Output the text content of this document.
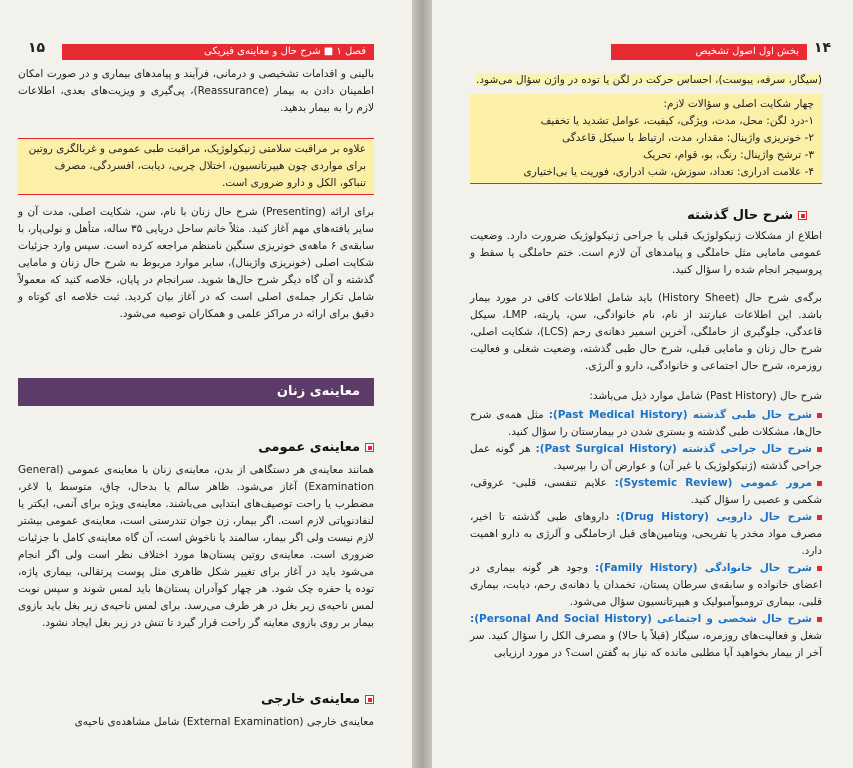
۱۵	فصل ۱ ■ شرح حال و معاینه‌ی فیزیکی
بالینی و اقدامات تشخیصی و درمانی، فرآیند و پیامدهای بیماری و در صورت امکان اطمینان دادن به بیمار (Reassurance)، پی‌گیری و ویزیت‌های بعدی، اطلاعات لازم را به بیمار بدهید.
علاوه بر مراقبت سلامتی ژنیکولوژیک، مراقبت طبی عمومی و غربالگری روتین برای مواردی چون هیپرتانسیون، اختلال چربی، دیابت، افسردگی، مصرف تنباکو، الکل و دارو ضروری است.
برای ارائه (Presenting) شرح حال زنان با نام، سن، شکایت اصلی، مدت آن و سایر یافته‌های مهم آغاز کنید. مثلاً خانم ساحل دریایی ۳۵ ساله، متأهل و نولی‌پار، با سابقه‌ی ۶ ماهه‌ی خونریزی سنگین نامنظم مراجعه کرده است. سپس وارد جزئیات شکایت اصلی (خونریزی واژینال)، سایر موارد مربوط به شرح حال زنان و مامایی گذشته و آن گاه دیگر شرح حال‌ها شوید. سرانجام در پایان، خلاصه کنید که معمولاً شامل تکرار جمله‌ی اصلی است که در آغاز بیان کردید. ثبت خلاصه ای کوتاه و دقیق برای ارائه در مراکز علمی و همکاران توصیه می‌شود.
معاینه‌ی زنان
معاینه‌ی عمومی
همانند معاینه‌ی هر دستگاهی از بدن، معاینه‌ی زنان با معاینه‌ی عمومی (General Examination) آغاز می‌شود. ظاهر سالم یا بدحال، چاق، متوسط یا لاغر، مضطرب یا راحت توصیف‌های ابتدایی می‌باشند. معاینه‌ی ویژه برای آنمی، ایکتر یا لنفادنوپاتی لازم است. اگر بیمار، زن جوان تندرستی است، معاینه‌ی عمومی بیشتر لازم نیست ولی اگر بیمار، سالمند یا ناخوش است، آن گاه معاینه‌ی کامل با جزئیات ضروری است. معاینه‌ی روتین پستان‌ها مورد اختلاف نظر است ولی اگر انجام می‌شود باید در آغاز برای تغییر شکل ظاهری مثل پوست پرتقالی، بیماری پاژه، توده یا حفره چک شود. هر چهار کوآدران پستان‌ها باید لمس شوند و سپس نوبت لمس ناحیه‌ی زیر بغل در هر طرف می‌رسد. برای لمس ناحیه‌ی زیر بغل باید بازوی بیمار بر روی بازوی معاینه گر راحت قرار گیرد تا تنش در زیر بغل ایجاد نشود.
معاینه‌ی خارجی
معاینه‌ی خارجی (External Examination) شامل مشاهده‌ی ناحیه‌ی
بخش اول اصول تشخیص	۱۴
(سیگار، سرفه، یبوست)، احساس حرکت در لگن یا توده در واژن سؤال می‌شود.
چهار شکایت اصلی و سؤالات لازم:
۱-درد لگن: محل، مدت، ویژگی، کیفیت، عوامل تشدید یا تخفیف
۲- خونریزی واژینال: مقدار، مدت، ارتباط با سیکل قاعدگی
۳- ترشح واژینال: رنگ، بو، قوام، تحریک
۴- علامت ادراری: تعداد، سوزش، شب ادراری، فوریت یا بی‌اختیاری
شرح حال گذشته
اطلاع از مشکلات ژنیکولوژیک قبلی یا جراحی ژنیکولوژیک ضرورت دارد. وضعیت عمومی مامایی مثل حاملگی و پیامدهای آن لازم است. ختم حاملگی یا سقط و پروسیجر انجام شده را سؤال کنید.
برگه‌ی شرح حال (History Sheet) باید شامل اطلاعات کافی در مورد بیمار باشد. این اطلاعات عبارتند از نام، نام خانوادگی، سن، پاریته، LMP، سیکل قاعدگی، جلوگیری از حاملگی، آخرین اسمیر دهانه‌ی رحم (LCS)، شکایت اصلی، شرح حال زنان و مامایی قبلی، شرح حال طبی گذشته، وضعیت شغلی و فعالیت روزمره، شرح حال اجتماعی و خانوادگی، دارو و آلرژی.
شرح حال (Past History) شامل موارد ذیل می‌باشد:
شرح حال طبی گذشته (Past Medical History): مثل همه‌ی شرح حال‌ها، مشکلات طبی گذشته و بستری شدن در بیمارستان را سؤال کنید.
شرح حال جراحی گذشته (Past Surgical History): هر گونه عمل جراحی گذشته (ژنیکولوژیک یا غیر آن) و عوارض آن را بپرسید.
مرور عمومی (Systemic Review): علایم تنفسی، قلبی- عروقی، شکمی و عصبی را سؤال کنید.
شرح حال دارویی (Drug History): داروهای طبی گذشته تا اخیر، مصرف مواد مخدر یا تفریحی، ویتامین‌های قبل ازحاملگی و آلرژی به دارو اهمیت دارد.
شرح حال خانوادگی (Family History): وجود هر گونه بیماری در اعضای خانواده و سابقه‌ی سرطان پستان، تخمدان یا دهانه‌ی رحم، دیابت، بیماری قلبی، بیماری ترومبوآمبولیک و هیپرتانسیون سؤال می‌شود.
شرح حال شخصی و اجتماعی (Personal And Social History): شغل و فعالیت‌های روزمره، سیگار (قبلاً یا حالا) و مصرف الکل را سؤال کنید. سر آخر از بیمار بخواهید آیا مطلبی مانده که نیاز به گفتن است؟ در مورد ارزیابی
